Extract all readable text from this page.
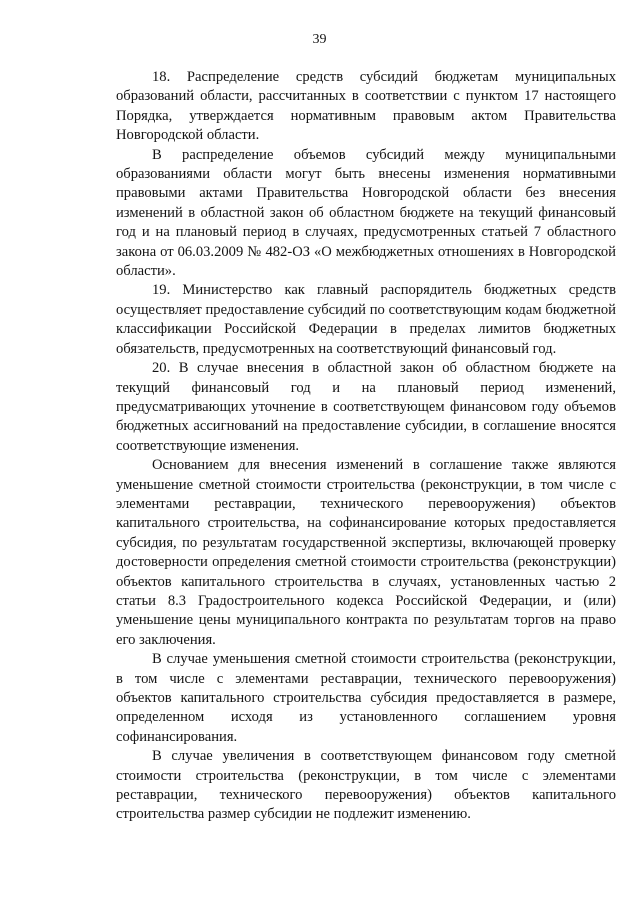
39

18. Распределение средств субсидий бюджетам муниципальных образований области, рассчитанных в соответствии с пунктом 17 настоящего Порядка, утверждается нормативным правовым актом Правительства Новгородской области.

В распределение объемов субсидий между муниципальными образованиями области могут быть внесены изменения нормативными правовыми актами Правительства Новгородской области без внесения изменений в областной закон об областном бюджете на текущий финансовый год и на плановый период в случаях, предусмотренных статьей 7 областного закона от 06.03.2009 № 482-ОЗ «О межбюджетных отношениях в Новгородской области».

19. Министерство как главный распорядитель бюджетных средств осуществляет предоставление субсидий по соответствующим кодам бюджетной классификации Российской Федерации в пределах лимитов бюджетных обязательств, предусмотренных на соответствующий финансовый год.

20. В случае внесения в областной закон об областном бюджете на текущий финансовый год и на плановый период изменений, предусматривающих уточнение в соответствующем финансовом году объемов бюджетных ассигнований на предоставление субсидии, в соглашение вносятся соответствующие изменения.

Основанием для внесения изменений в соглашение также являются уменьшение сметной стоимости строительства (реконструкции, в том числе с элементами реставрации, технического перевооружения) объектов капитального строительства, на софинансирование которых предоставляется субсидия, по результатам государственной экспертизы, включающей проверку достоверности определения сметной стоимости строительства (реконструкции) объектов капитального строительства в случаях, установленных частью 2 статьи 8.3 Градостроительного кодекса Российской Федерации, и (или) уменьшение цены муниципального контракта по результатам торгов на право его заключения.

В случае уменьшения сметной стоимости строительства (реконструкции, в том числе с элементами реставрации, технического перевооружения) объектов капитального строительства субсидия предоставляется в размере, определенном исходя из установленного соглашением уровня софинансирования.

В случае увеличения в соответствующем финансовом году сметной стоимости строительства (реконструкции, в том числе с элементами реставрации, технического перевооружения) объектов капитального строительства размер субсидии не подлежит изменению.
